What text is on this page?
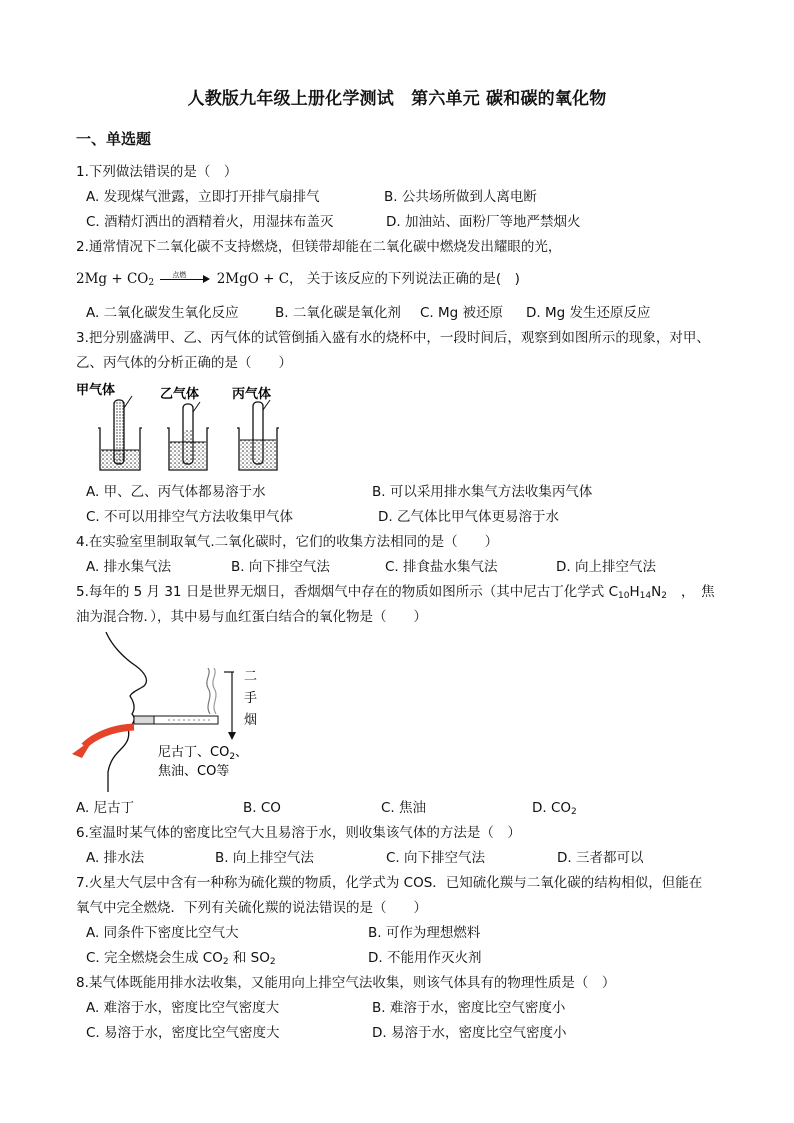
人教版九年级上册化学测试　第六单元 碳和碳的氧化物
一、单选题
1.下列做法错误的是（　）
A. 发现煤气泄露，立即打开排气扇排气	B. 公共场所做到人离电断
C. 酒精灯洒出的酒精着火，用湿抹布盖灭	D. 加油站、面粉厂等地严禁烟火
2.通常情况下二氧化碳不支持燃烧，但镁带却能在二氧化碳中燃烧发出耀眼的光，
$2Mg + CO_2$
点燃 2MgO + C， 关于该反应的下列说法正确的是(　)
A. 二氧化碳发生氧化反应	B. 二氧化碳是氧化剂 C. Mg 被还原 D. Mg 发生还原反应
3.把分别盛满甲、乙、丙气体的试管倒插入盛有水的烧杯中，一段时间后，观察到如图所示的现象，对甲、
乙、丙气体的分析正确的是（　　）
甲气体	乙气体	丙气体
A. 甲、乙、丙气体都易溶于水	B. 可以采用排水集气方法收集丙气体
C. 不可以用排空气方法收集甲气体	D. 乙气体比甲气体更易溶于水
4.在实验室里制取氧气.二氧化碳时，它们的收集方法相同的是（　　）
A. 排水集气法	B. 向下排空气法	C. 排食盐水集气法	D. 向上排空气法
5.每年的 5 月 31 日是世界无烟日，香烟烟气中存在的物质如图所示（其中尼古丁化学式 $C_{10}H_{14}N_2$ ，　焦
油为混合物．），其中易与血红蛋白结合的氧化物是（　　）
二
手
烟
尼古丁、$CO_2$、
焦油、CO等
A. 尼古丁	B. CO	C. 焦油	D. $CO_2$
6.室温时某气体的密度比空气大且易溶于水，则收集该气体的方法是（　）
A. 排水法	B. 向上排空气法	C. 向下排空气法	D. 三者都可以
7.火星大气层中含有一种称为硫化羰的物质，化学式为 COS．已知硫化羰与二氧化碳的结构相似，但能在
氧气中完全燃烧．下列有关硫化羰的说法错误的是（　　）
A. 同条件下密度比空气大	B. 可作为理想燃料
C. 完全燃烧会生成 $CO_2$ 和 $SO_2$	D. 不能用作灭火剂
8.某气体既能用排水法收集，又能用向上排空气法收集，则该气体具有的物理性质是（　）
A. 难溶于水，密度比空气密度大	B. 难溶于水，密度比空气密度小
C. 易溶于水，密度比空气密度大	D. 易溶于水，密度比空气密度小
